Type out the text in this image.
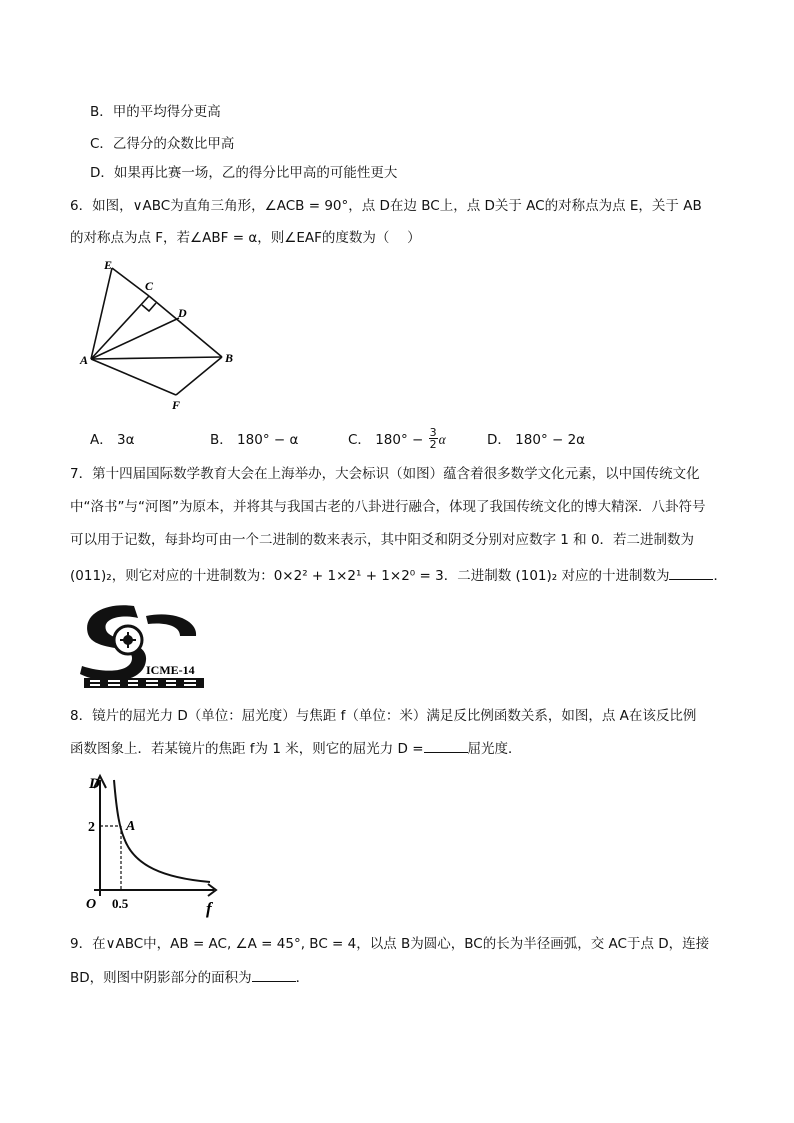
B．甲的平均得分更高
C．乙得分的众数比甲高
D．如果再比赛一场，乙的得分比甲高的可能性更大
6．如图，∨ABC为直角三角形，∠ACB = 90°，点 D在边 BC上，点 D关于 AC的对称点为点 E，关于 AB
的对称点为点 F，若∠ABF = α，则∠EAF的度数为（　 ）
E
C
D
A	B
F
A． 3α	B． 180° − α	C． $180^\circ - \frac{3}{2}$ α	D． 180° − 2α
7．第十四届国际数学教育大会在上海举办，大会标识（如图）蕴含着很多数学文化元素，以中国传统文化
中“洛书”与“河图”为原本，并将其与我国古老的八卦进行融合，体现了我国传统文化的博大精深．八卦符号
可以用于记数，每卦均可由一个二进制的数来表示，其中阳爻和阴爻分别对应数字 1 和 0．若二进制数为
(011)₂，则它对应的十进制数为：0×2² + 1×2¹ + 1×2⁰ = 3．二进制数 (101)₂ 对应的十进制数为	．
ICME-14
8．镜片的屈光力 D（单位：屈光度）与焦距 f（单位：米）满足反比例函数关系，如图，点 A在该反比例
函数图象上．若某镜片的焦距 f为 1 米，则它的屈光力 D =	屈光度．
D
f
O
A
2
0.5
9．在∨ABC中，AB = AC, ∠A = 45°, BC = 4，以点 B为圆心，BC的长为半径画弧，交 AC于点 D，连接
BD，则图中阴影部分的面积为	．
